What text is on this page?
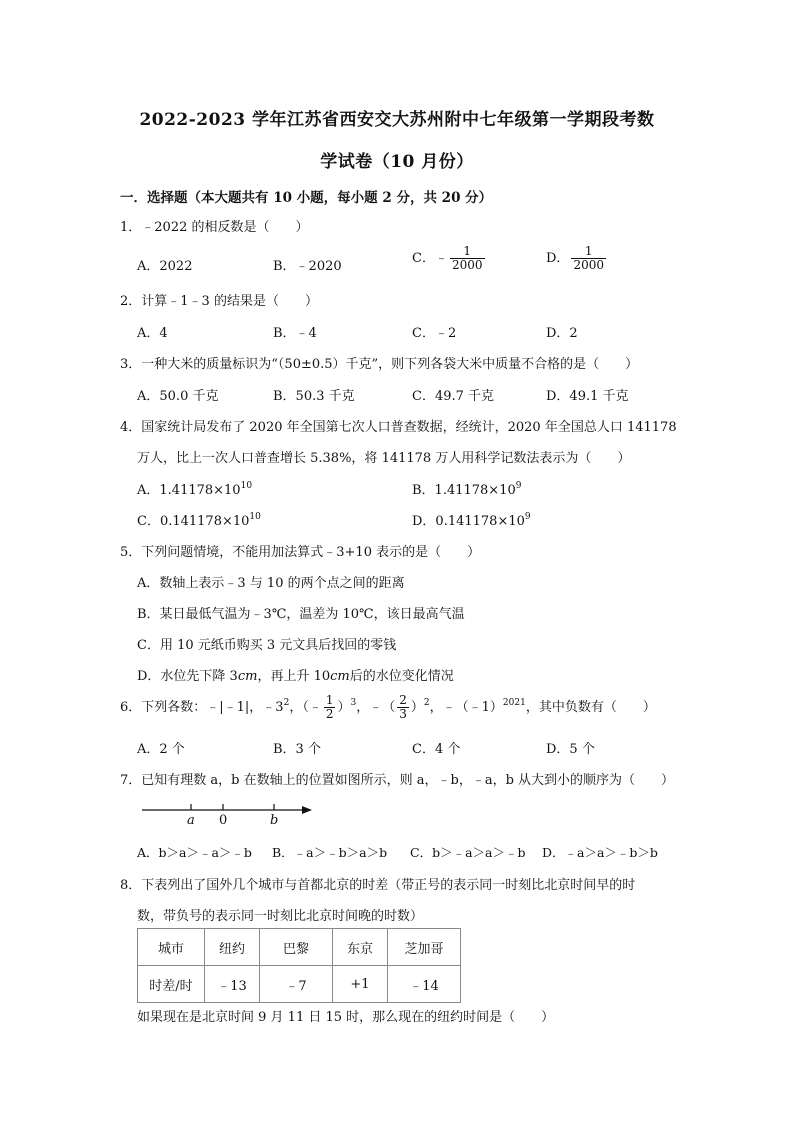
2022-2023 学年江苏省西安交大苏州附中七年级第一学期段考数
学试卷（10 月份）
一．选择题（本大题共有 10 小题，每小题 2 分，共 20 分）
1．﹣2022 的相反数是（　　）
A．2022	B．﹣2020
C．﹣ $\frac{1}{2000}$	D． $\frac{1}{2000}$
2．计算﹣1﹣3 的结果是（　　）
A．4	B．﹣4	C．﹣2	D．2
3．一种大米的质量标识为“（50±0.5）千克”，则下列各袋大米中质量不合格的是（　　）
A．50.0 千克	B．50.3 千克	C．49.7 千克	D．49.1 千克
4．国家统计局发布了 2020 年全国第七次人口普查数据，经统计，2020 年全国总人口 141178
万人，比上一次人口普查增长 5.38%，将 141178 万人用科学记数法表示为（　　）
A．$1.41178\times 10^{10}$	B．$1.41178\times 10^9$
C．$0.141178\times 10^{10}$	D．$0.141178\times 10^9$
5．下列问题情境，不能用加法算式﹣3+10 表示的是（　　）
A．数轴上表示﹣3 与 10 的两个点之间的距离
B．某日最低气温为﹣3℃，温差为 10℃，该日最高气温
C．用 10 元纸币购买 3 元文具后找回的零钱
D．水位先下降 3cm，再上升 10cm后的水位变化情况
6．下列各数：﹣|﹣1|，$﹣3^2$，（﹣ $\frac{1}{2} )^3$，﹣（ $\frac{2}{3} )^2$，﹣（﹣1）$^{2021}$，其中负数有（　　）
A．2 个	B．3 个	C．4 个	D．5 个
7．已知有理数 a，b 在数轴上的位置如图所示，则 a，﹣b，﹣a，b 从大到小的顺序为（　　）
a 0	b
A．b＞a＞﹣a＞﹣b B．﹣a＞﹣b＞a＞b C．b＞﹣a＞a＞﹣b D．﹣a＞a＞﹣b＞b
8．下表列出了国外几个城市与首都北京的时差（带正号的表示同一时刻比北京时间早的时
数，带负号的表示同一时刻比北京时间晚的时数）
城市	纽约	巴黎	东京	芝加哥
时差/时	﹣13	﹣7	+1	﹣14
如果现在是北京时间 9 月 11 日 15 时，那么现在的纽约时间是（　　）
